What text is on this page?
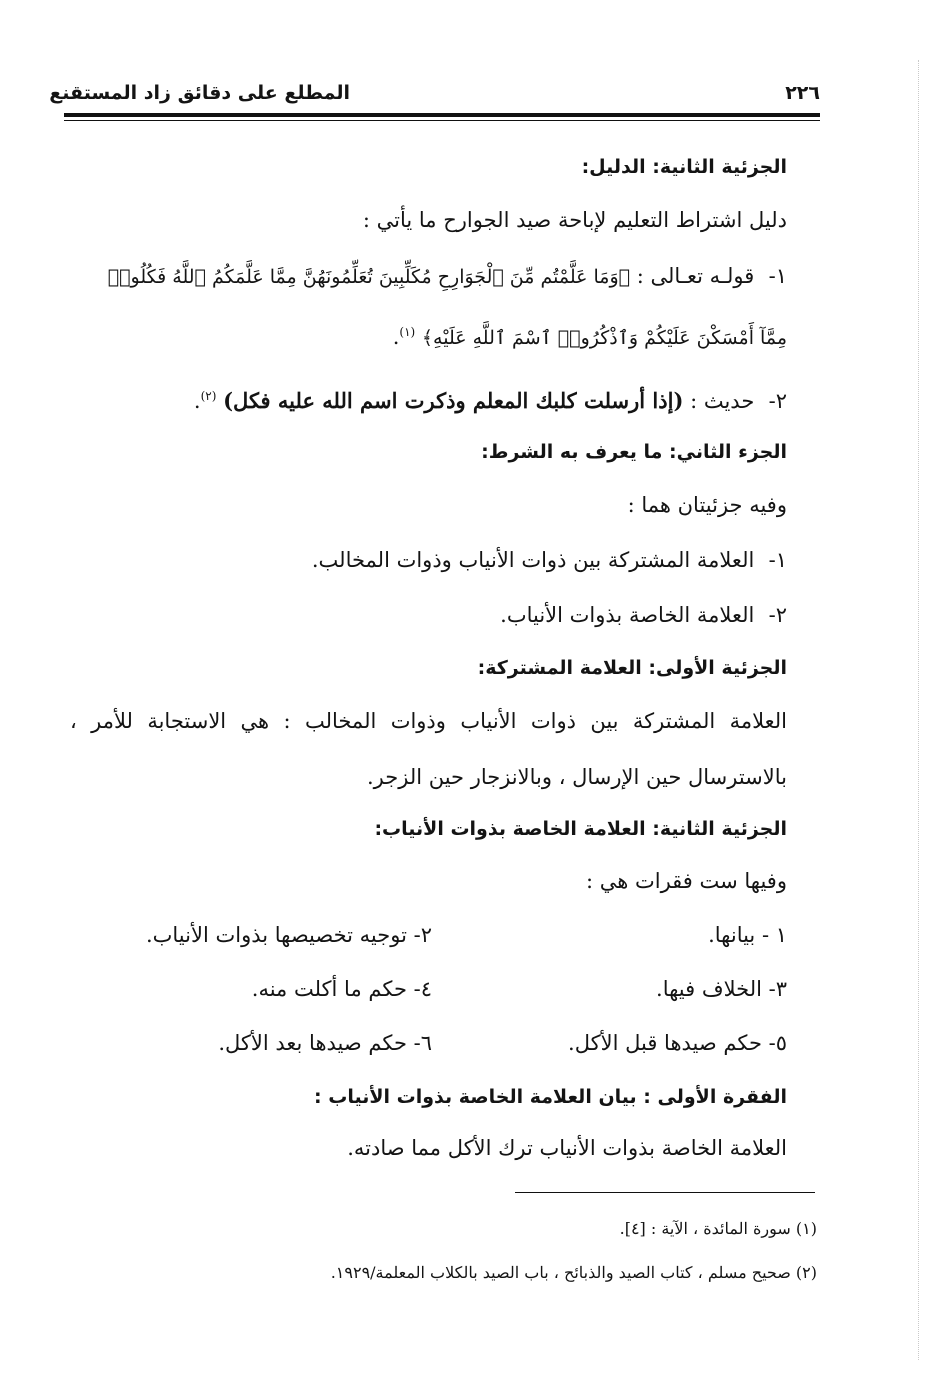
المطلع على دقائق زاد المستقنع	٢٢٦
الجزئية الثانية: الدليل:
دليل اشتراط التعليم لإباحة صيد الجوارح ما يأتي :
١- قولـه تعـالى : ﴿وَمَا عَلَّمْتُم مِّنَ ٱلْجَوَارِحِ مُكَلِّبِينَ تُعَلِّمُونَهُنَّ مِمَّا عَلَّمَكُمُ ٱللَّهُ فَكُلُوا۟
مِمَّآ أَمْسَكْنَ عَلَيْكُمْ وَٱذْكُرُوا۟ ٱسْمَ ٱللَّهِ عَلَيْهِ﴾ $^{(١)}$.
٢- حديث : (إذا أرسلت كلبك المعلم وذكرت اسم الله عليه فكل) $^{(٢)}$.
الجزء الثاني: ما يعرف به الشرط:
وفيه جزئيتان هما :
١- العلامة المشتركة بين ذوات الأنياب وذوات المخالب.
٢- العلامة الخاصة بذوات الأنياب.
الجزئية الأولى: العلامة المشتركة:
العلامة المشتركة بين ذوات الأنياب وذوات المخالب : هي الاستجابة للأمر ،
بالاسترسال حين الإرسال ، وبالانزجار حين الزجر.
الجزئية الثانية: العلامة الخاصة بذوات الأنياب:
وفيها ست فقرات هي :
١ - بيانها.
٢- توجيه تخصيصها بذوات الأنياب.
٣- الخلاف فيها.
٤- حكم ما أكلت منه.
٥- حكم صيدها قبل الأكل.
٦- حكم صيدها بعد الأكل.
الفقرة الأولى : بيان العلامة الخاصة بذوات الأنياب :
العلامة الخاصة بذوات الأنياب ترك الأكل مما صادته.
(١) سورة المائدة ، الآية : [٤].
(٢) صحيح مسلم ، كتاب الصيد والذبائح ، باب الصيد بالكلاب المعلمة/١٩٢٩.
